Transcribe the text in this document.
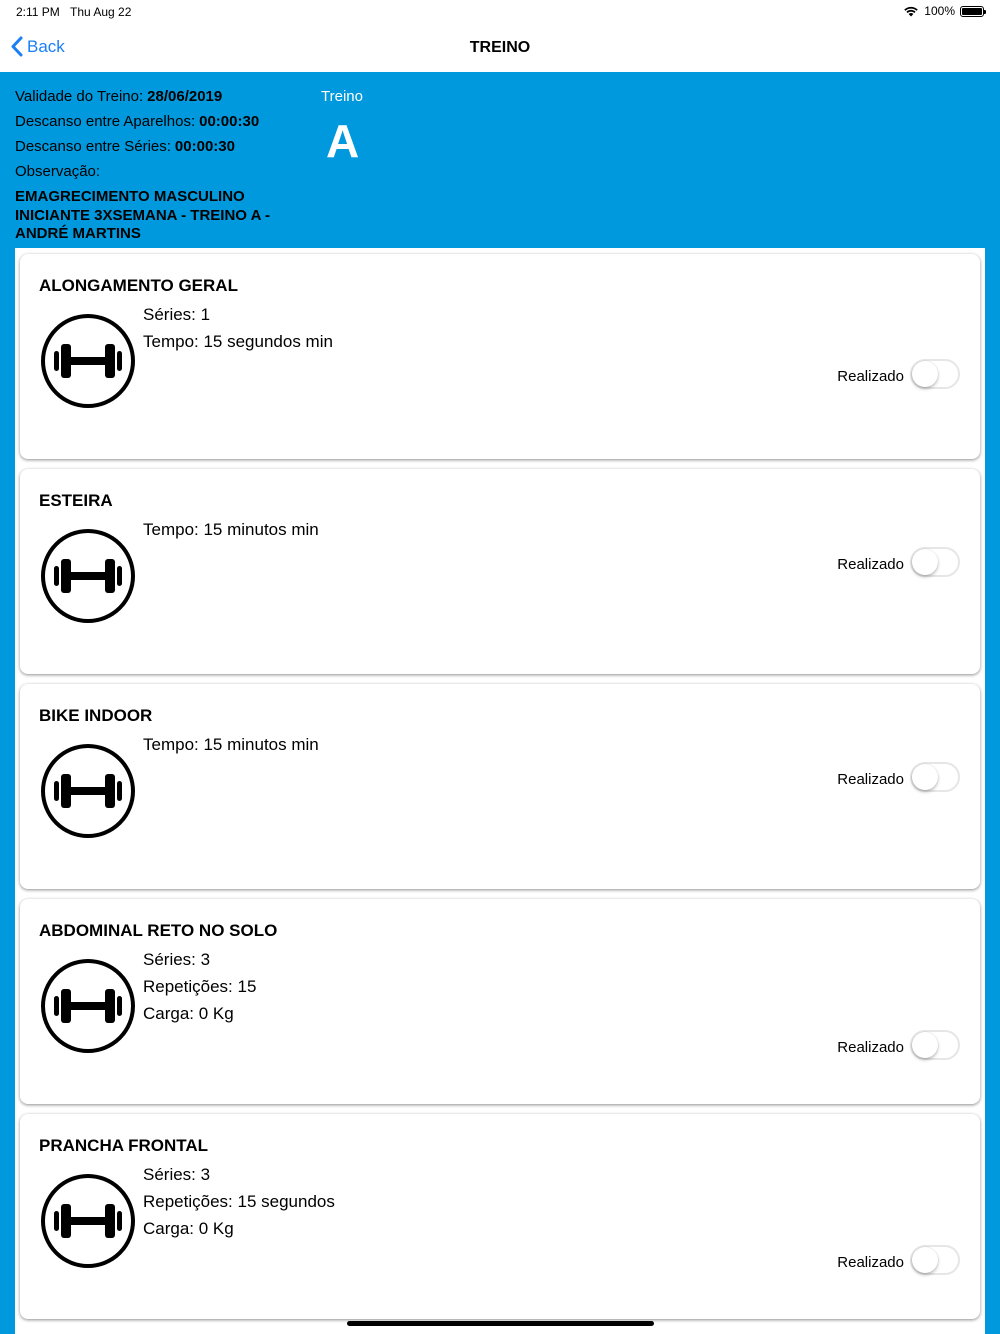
2:11 PM Thu Aug 22	100%
Back	TREINO
Validade do Treino: 28/06/2019
Descanso entre Aparelhos: 00:00:30
Descanso entre Séries: 00:00:30
Observação:
EMAGRECIMENTO MASCULINO INICIANTE 3XSEMANA - TREINO A - ANDRÉ MARTINS
Treino
A
ALONGAMENTO GERAL
Séries: 1
Tempo: 15 segundos min
Realizado
ESTEIRA
Tempo: 15 minutos min
Realizado
BIKE INDOOR
Tempo: 15 minutos min
Realizado
ABDOMINAL RETO NO SOLO
Séries: 3
Repetições: 15
Carga: 0 Kg
Realizado
PRANCHA FRONTAL
Séries: 3
Repetições: 15 segundos
Carga: 0 Kg
Realizado
